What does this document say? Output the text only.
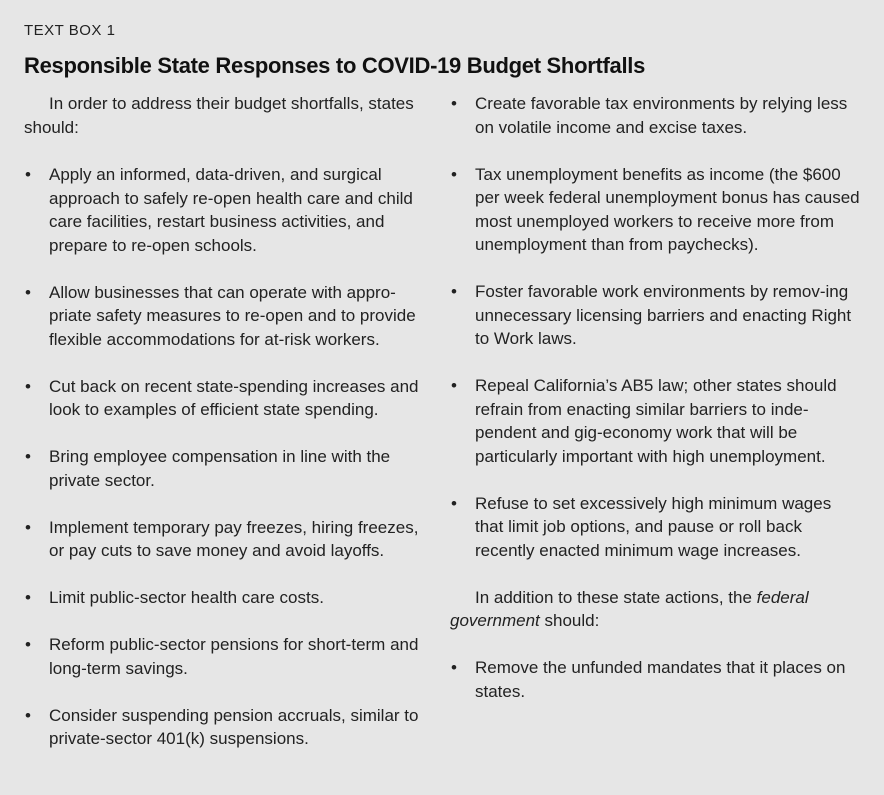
TEXT BOX 1
Responsible State Responses to COVID-19 Budget Shortfalls

In order to address their budget shortfalls, states should:

• Apply an informed, data-driven, and surgical approach to safely re-open health care and child care facilities, restart business activities, and prepare to re-open schools.
• Allow businesses that can operate with appro-priate safety measures to re-open and to provide flexible accommodations for at-risk workers.
• Cut back on recent state-spending increases and look to examples of efficient state spending.
• Bring employee compensation in line with the private sector.
• Implement temporary pay freezes, hiring freezes, or pay cuts to save money and avoid layoffs.
• Limit public-sector health care costs.
• Reform public-sector pensions for short-term and long-term savings.
• Consider suspending pension accruals, similar to private-sector 401(k) suspensions.
• Create favorable tax environments by relying less on volatile income and excise taxes.
• Tax unemployment benefits as income (the $600 per week federal unemployment bonus has caused most unemployed workers to receive more from unemployment than from paychecks).
• Foster favorable work environments by remov-ing unnecessary licensing barriers and enacting Right to Work laws.
• Repeal California’s AB5 law; other states should refrain from enacting similar barriers to inde-pendent and gig-economy work that will be particularly important with high unemployment.
• Refuse to set excessively high minimum wages that limit job options, and pause or roll back recently enacted minimum wage increases.

In addition to these state actions, the federal government should:

• Remove the unfunded mandates that it places on states.
